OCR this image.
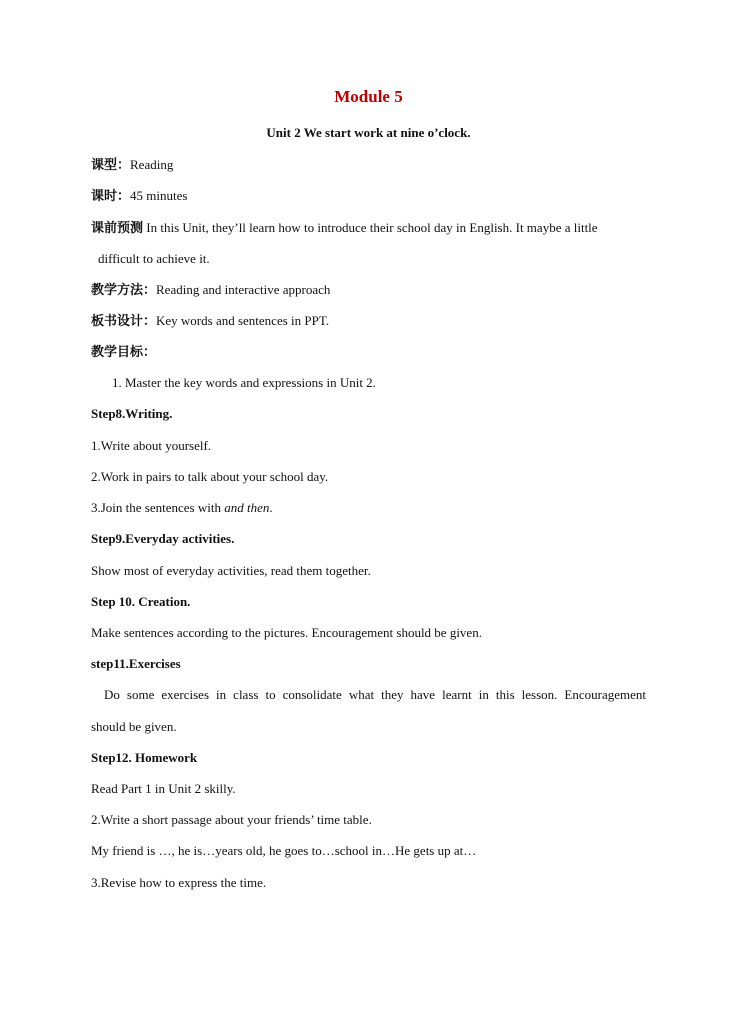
Module 5
Unit 2 We start work at nine o’clock.
课型：Reading
课时：45 minutes
课前预测 In this Unit, they’ll learn how to introduce their school day in English. It maybe a little
difficult to achieve it.
教学方法：Reading and interactive approach
板书设计：Key words and sentences in PPT.
教学目标：
1. Master the key words and expressions in Unit 2.
Step8.Writing.
1.Write about yourself.
2.Work in pairs to talk about your school day.
3.Join the sentences with and then.
Step9.Everyday activities.
Show most of everyday activities, read them together.
Step 10. Creation.
Make sentences according to the pictures. Encouragement should be given.
step11.Exercises
Do some exercises in class to consolidate what they have learnt in this lesson. Encouragement
should be given.
Step12. Homework
Read Part 1 in Unit 2 skilly.
2.Write a short passage about your friends’ time table.
My friend is …, he is…years old, he goes to…school in…He gets up at…
3.Revise how to express the time.
